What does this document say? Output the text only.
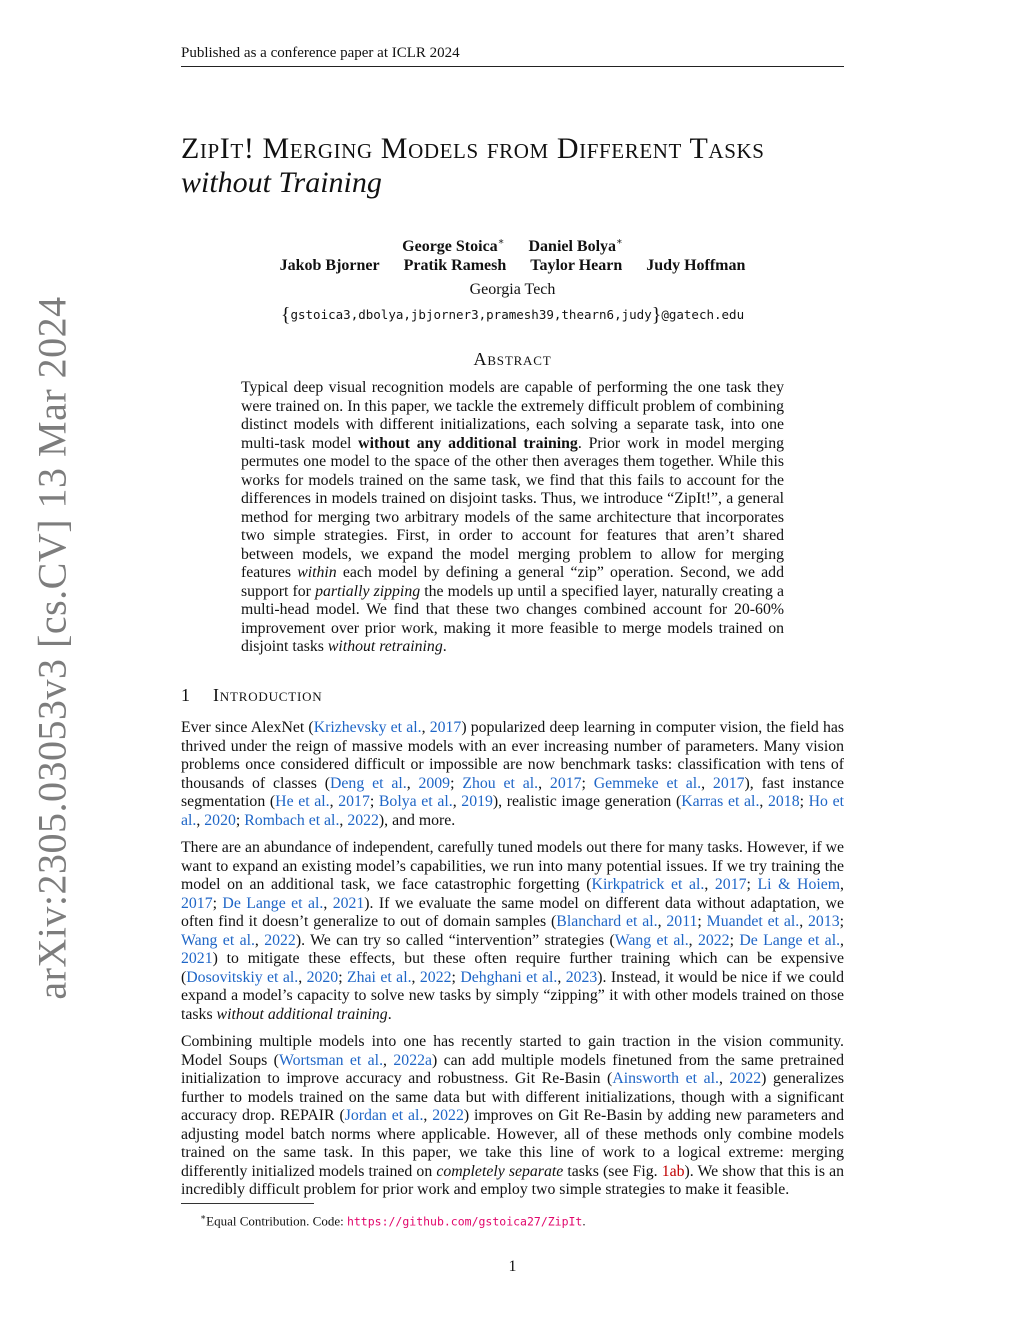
Published as a conference paper at ICLR 2024
arXiv:2305.03053v3 [cs.CV] 13 Mar 2024
ZipIt! Merging Models from Different Tasks
without Training
George Stoica∗ Daniel Bolya∗
Jakob Bjorner Pratik Ramesh Taylor Hearn Judy Hoffman
Georgia Tech
{gstoica3,dbolya,jbjorner3,pramesh39,thearn6,judy}@gatech.edu
Abstract
Typical deep visual recognition models are capable of performing the one task they were trained on. In this paper, we tackle the extremely difficult problem of combining distinct models with different initializations, each solving a separate task, into one multi-task model without any additional training. Prior work in model merging permutes one model to the space of the other then averages them together. While this works for models trained on the same task, we find that this fails to account for the differences in models trained on disjoint tasks. Thus, we introduce “ZipIt!”, a general method for merging two arbitrary models of the same architecture that incorporates two simple strategies. First, in order to account for features that aren’t shared between models, we expand the model merging problem to allow for merging features within each model by defining a general “zip” operation. Second, we add support for partially zipping the models up until a specified layer, naturally creating a multi-head model. We find that these two changes combined account for 20-60% improvement over prior work, making it more feasible to merge models trained on disjoint tasks without retraining.
1 Introduction

Ever since AlexNet (Krizhevsky et al., 2017) popularized deep learning in computer vision, the field has thrived under the reign of massive models with an ever increasing number of parameters. Many vision problems once considered difficult or impossible are now benchmark tasks: classification with tens of thousands of classes (Deng et al., 2009; Zhou et al., 2017; Gemmeke et al., 2017), fast instance segmentation (He et al., 2017; Bolya et al., 2019), realistic image generation (Karras et al., 2018; Ho et al., 2020; Rombach et al., 2022), and more.

There are an abundance of independent, carefully tuned models out there for many tasks. However, if we want to expand an existing model’s capabilities, we run into many potential issues. If we try training the model on an additional task, we face catastrophic forgetting (Kirkpatrick et al., 2017; Li & Hoiem, 2017; De Lange et al., 2021). If we evaluate the same model on different data without adaptation, we often find it doesn’t generalize to out of domain samples (Blanchard et al., 2011; Muandet et al., 2013; Wang et al., 2022). We can try so called “intervention” strategies (Wang et al., 2022; De Lange et al., 2021) to mitigate these effects, but these often require further training which can be expensive (Dosovitskiy et al., 2020; Zhai et al., 2022; Dehghani et al., 2023). Instead, it would be nice if we could expand a model’s capacity to solve new tasks by simply “zipping” it with other models trained on those tasks without additional training.

Combining multiple models into one has recently started to gain traction in the vision community. Model Soups (Wortsman et al., 2022a) can add multiple models finetuned from the same pretrained initialization to improve accuracy and robustness. Git Re-Basin (Ainsworth et al., 2022) generalizes further to models trained on the same data but with different initializations, though with a significant accuracy drop. REPAIR (Jordan et al., 2022) improves on Git Re-Basin by adding new parameters and adjusting model batch norms where applicable. However, all of these methods only combine models trained on the same task. In this paper, we take this line of work to a logical extreme: merging differently initialized models trained on completely separate tasks (see Fig. 1ab). We show that this is an incredibly difficult problem for prior work and employ two simple strategies to make it feasible.

∗Equal Contribution. Code: https://github.com/gstoica27/ZipIt.
1
